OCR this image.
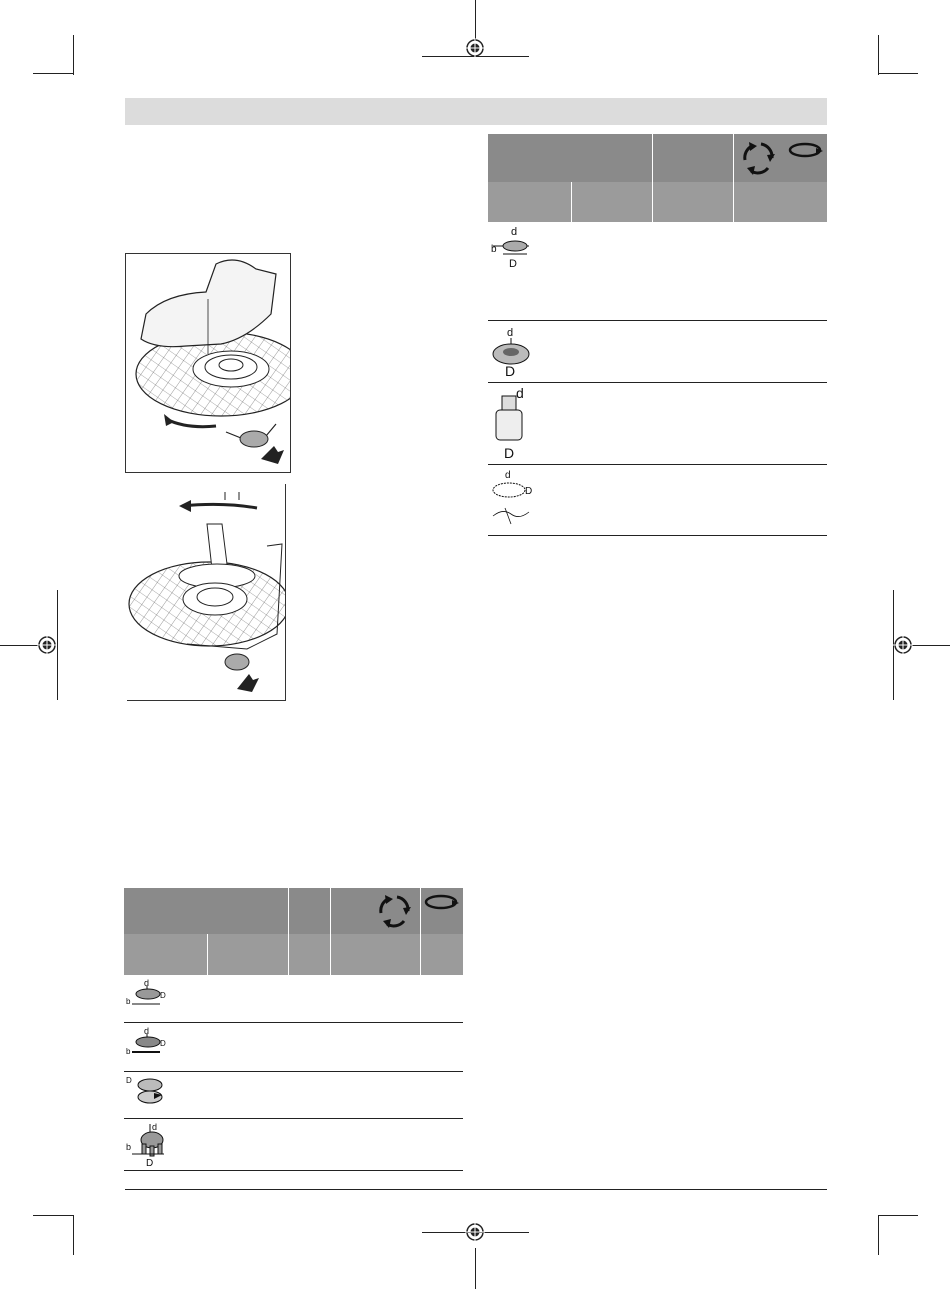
d
b
D
d
D
d
D
d
D
d
D
b
d
D
b
D
d
b
D
